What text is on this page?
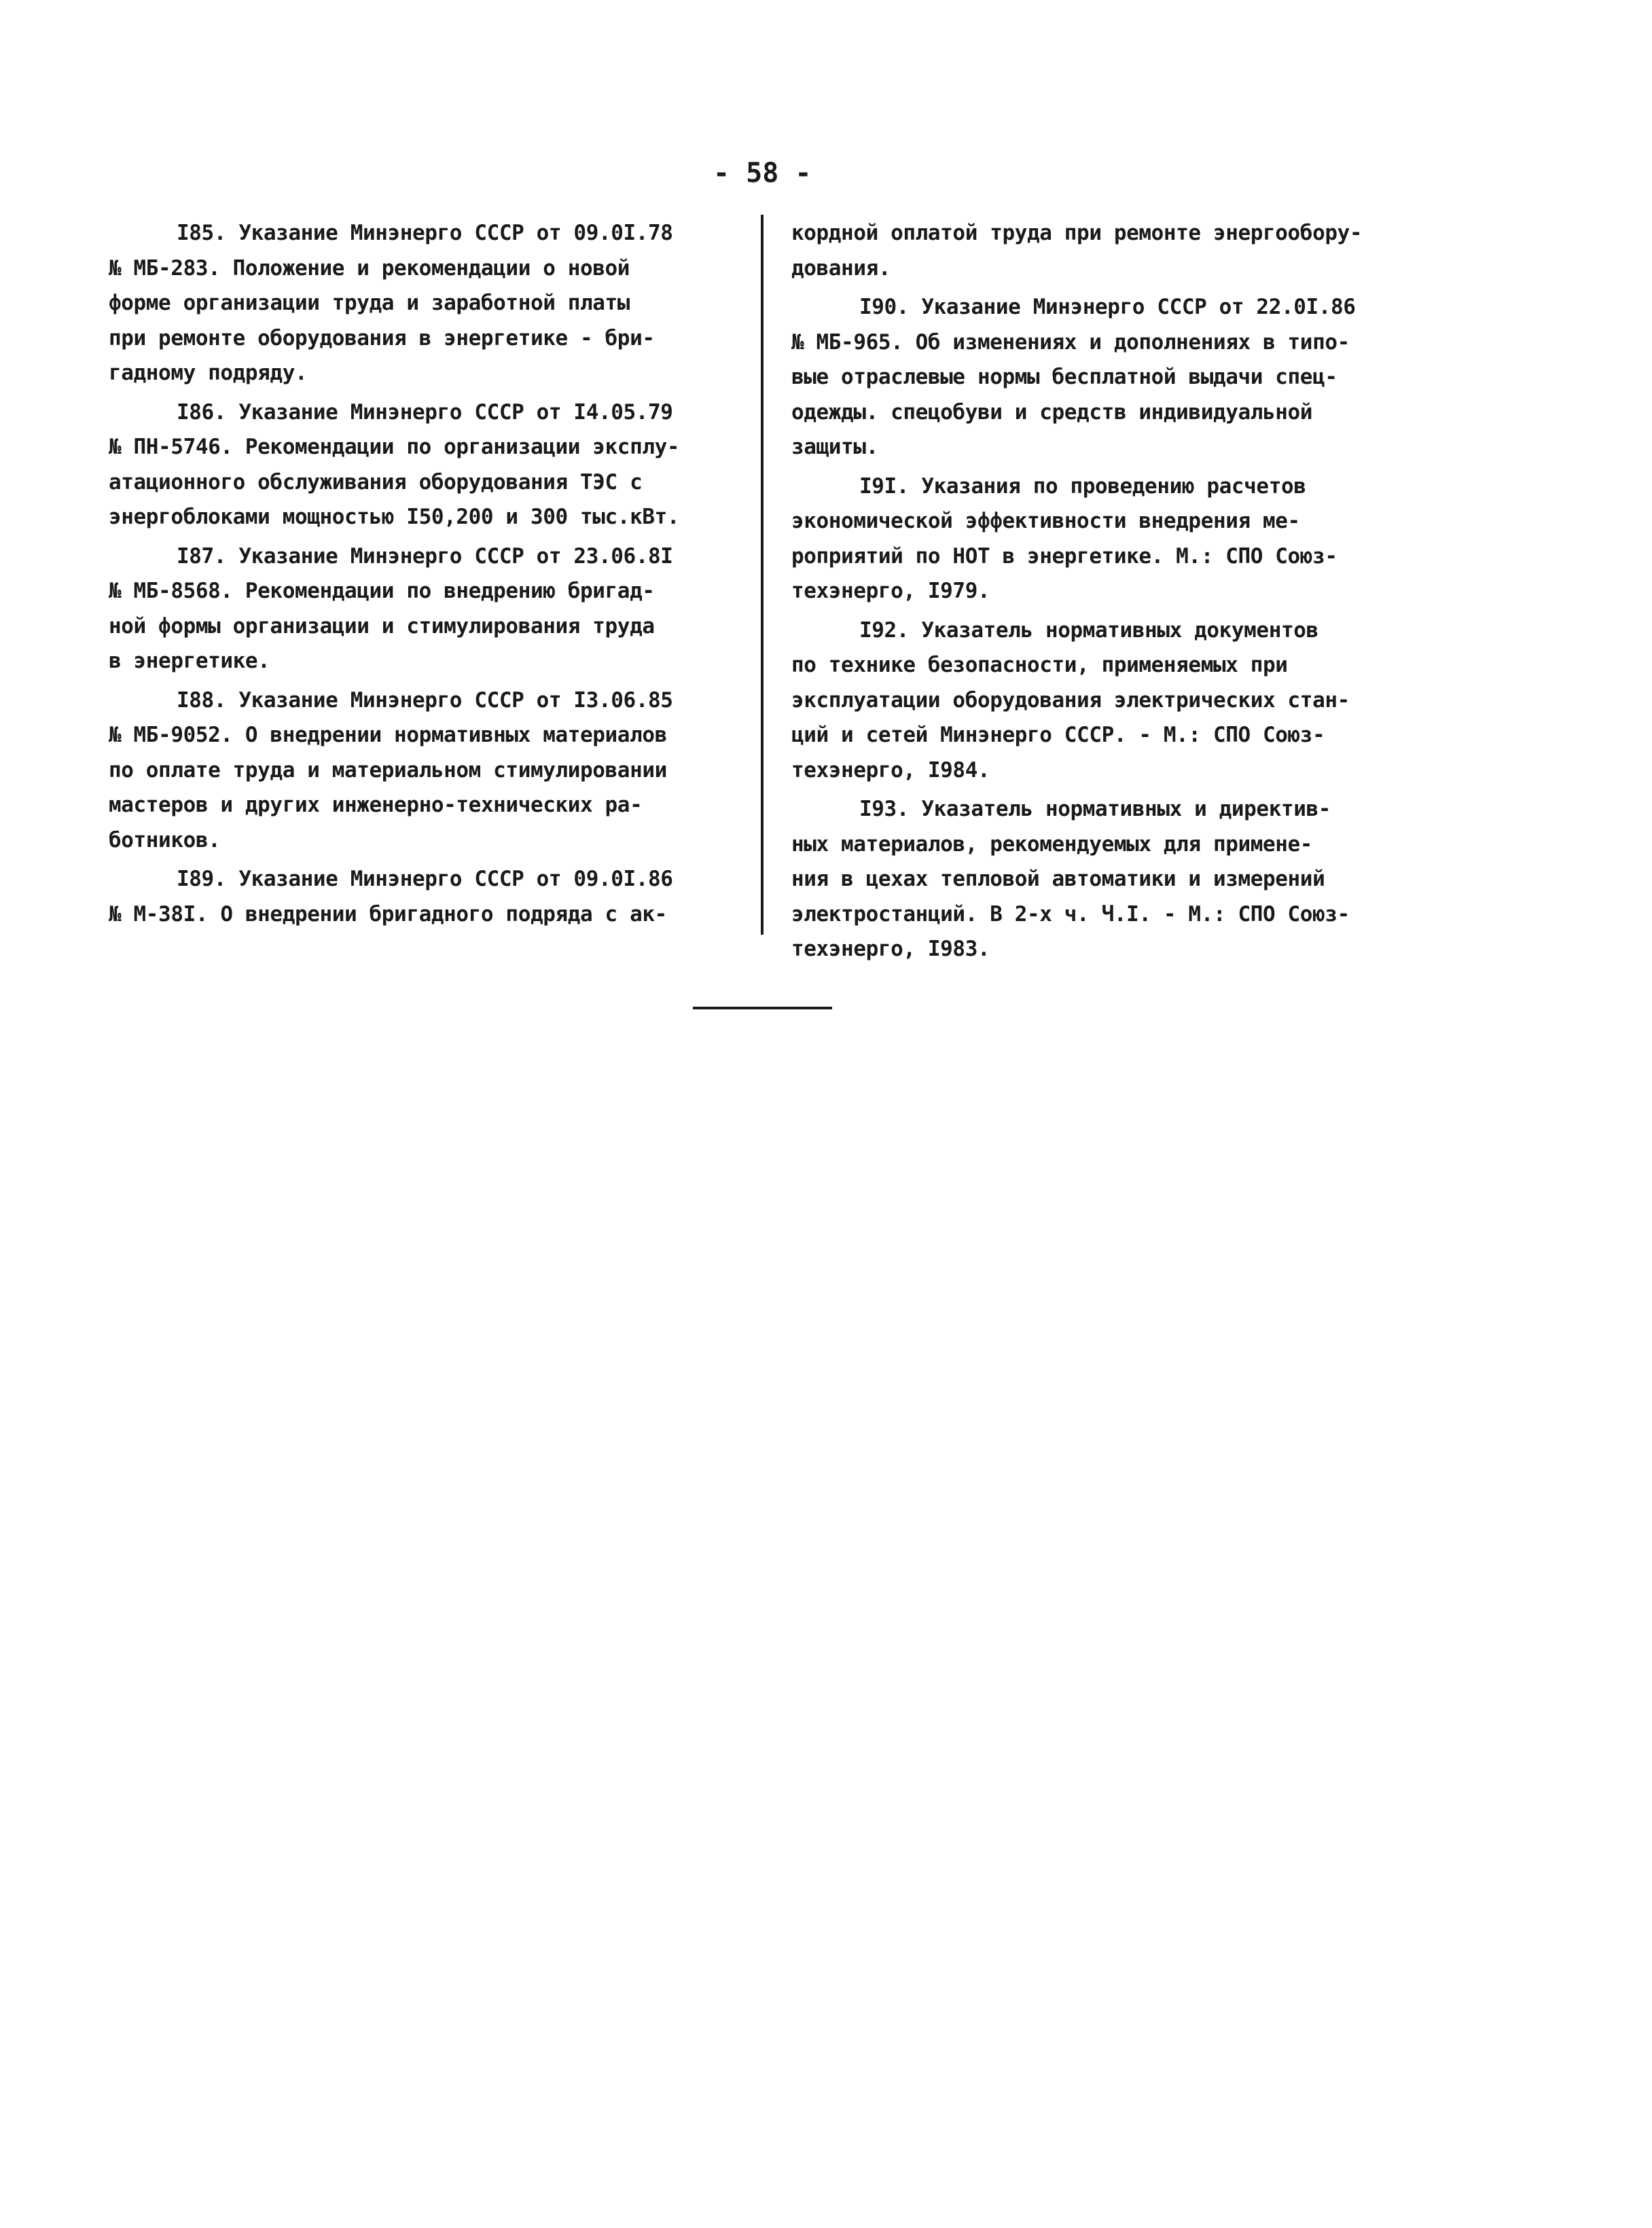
- 58 -
I85. Указание Минэнерго СССР от 09.0I.78
№ МБ-283. Положение и рекомендации о новой
форме организации труда и заработной платы
при ремонте оборудования в энергетике - бри-
гадному подряду.
I86. Указание Минэнерго СССР от I4.05.79
№ ПН-5746. Рекомендации по организации эксплу-
атационного обслуживания оборудования ТЭС с
энергоблоками мощностью I50,200 и 300 тыс.кВт.
I87. Указание Минэнерго СССР от 23.06.8I
№ МБ-8568. Рекомендации по внедрению бригад-
ной формы организации и стимулирования труда
в энергетике.
I88. Указание Минэнерго СССР от I3.06.85
№ МБ-9052. О внедрении нормативных материалов
по оплате труда и материальном стимулировании
мастеров и других инженерно-технических ра-
ботников.
I89. Указание Минэнерго СССР от 09.0I.86
№ М-38I. О внедрении бригадного подряда с ак-
кордной оплатой труда при ремонте энергообору-
дования.
I90. Указание Минэнерго СССР от 22.0I.86
№ МБ-965. Об изменениях и дополнениях в типо-
вые отраслевые нормы бесплатной выдачи спец-
одежды. спецобуви и средств индивидуальной
защиты.
I9I. Указания по проведению расчетов
экономической эффективности внедрения ме-
роприятий по НОТ в энергетике. М.: СПО Союз-
техэнерго, I979.
I92. Указатель нормативных документов
по технике безопасности, применяемых при
эксплуатации оборудования электрических стан-
ций и сетей Минэнерго СССР. - М.: СПО Союз-
техэнерго, I984.
I93. Указатель нормативных и директив-
ных материалов, рекомендуемых для примене-
ния в цехах тепловой автоматики и измерений
электростанций. В 2-х ч. Ч.I. - М.: СПО Союз-
техэнерго, I983.
